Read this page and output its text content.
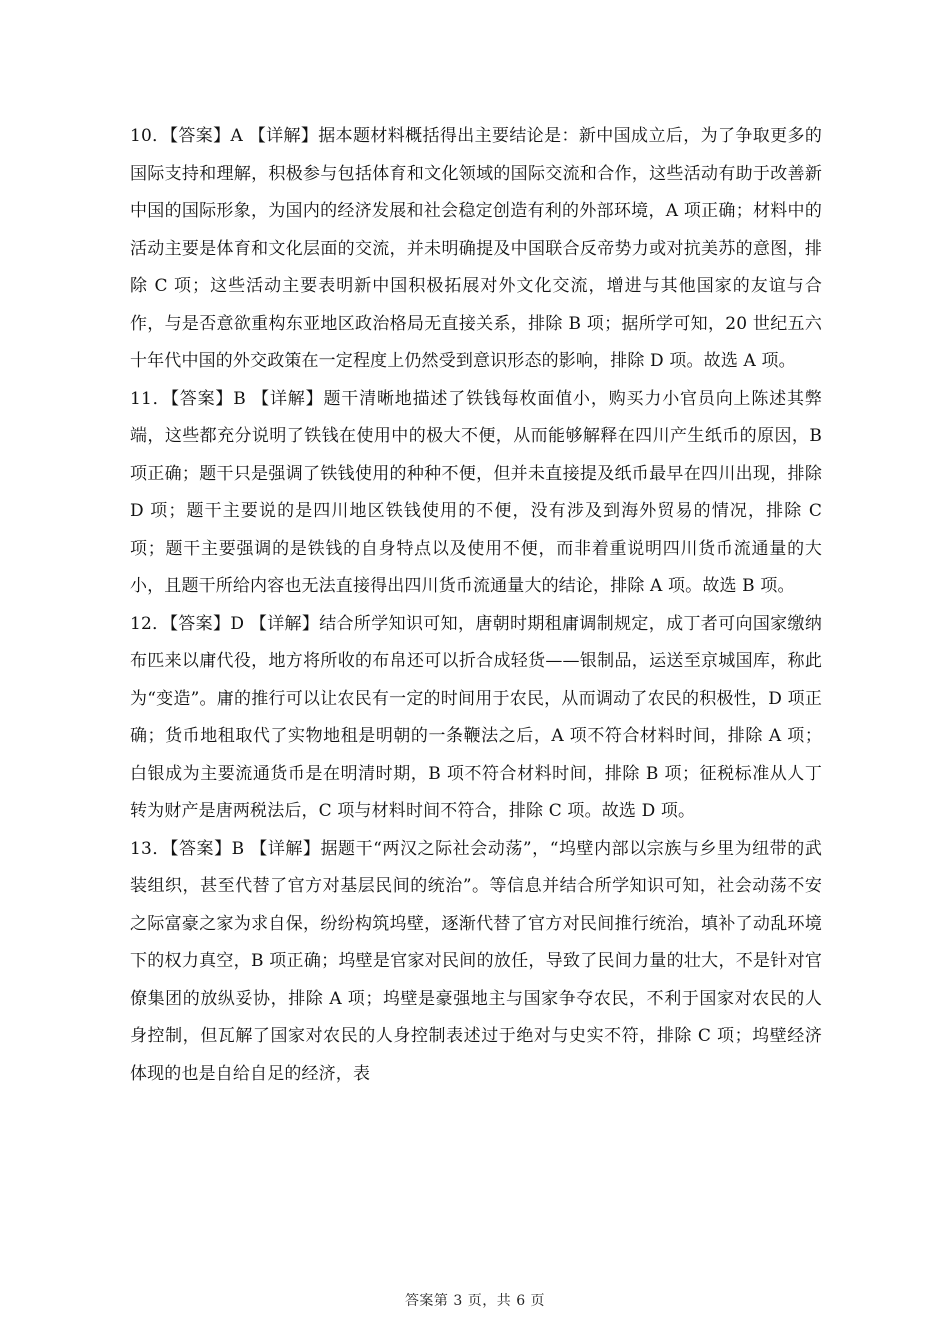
10．【答案】A 【详解】据本题材料概括得出主要结论是：新中国成立后，为了争取更多的国际支持和理解，积极参与包括体育和文化领域的国际交流和合作，这些活动有助于改善新中国的国际形象，为国内的经济发展和社会稳定创造有利的外部环境，A 项正确；材料中的活动主要是体育和文化层面的交流，并未明确提及中国联合反帝势力或对抗美苏的意图，排除 C 项；这些活动主要表明新中国积极拓展对外文化交流，增进与其他国家的友谊与合作，与是否意欲重构东亚地区政治格局无直接关系，排除 B 项；据所学可知，20 世纪五六十年代中国的外交政策在一定程度上仍然受到意识形态的影响，排除 D 项。故选 A 项。

11．【答案】B 【详解】题干清晰地描述了铁钱每枚面值小，购买力小官员向上陈述其弊端，这些都充分说明了铁钱在使用中的极大不便，从而能够解释在四川产生纸币的原因，B 项正确；题干只是强调了铁钱使用的种种不便，但并未直接提及纸币最早在四川出现，排除 D 项；题干主要说的是四川地区铁钱使用的不便，没有涉及到海外贸易的情况，排除 C 项；题干主要强调的是铁钱的自身特点以及使用不便，而非着重说明四川货币流通量的大小，且题干所给内容也无法直接得出四川货币流通量大的结论，排除 A 项。故选 B 项。

12．【答案】D 【详解】结合所学知识可知，唐朝时期租庸调制规定，成丁者可向国家缴纳布匹来以庸代役，地方将所收的布帛还可以折合成轻货——银制品，运送至京城国库，称此为“变造”。庸的推行可以让农民有一定的时间用于农民，从而调动了农民的积极性，D 项正确；货币地租取代了实物地租是明朝的一条鞭法之后，A 项不符合材料时间，排除 A 项；白银成为主要流通货币是在明清时期，B 项不符合材料时间，排除 B 项；征税标准从人丁转为财产是唐两税法后，C 项与材料时间不符合，排除 C 项。故选 D 项。

13．【答案】B 【详解】据题干“两汉之际社会动荡”，“坞壁内部以宗族与乡里为纽带的武装组织，甚至代替了官方对基层民间的统治”。等信息并结合所学知识可知，社会动荡不安之际富豪之家为求自保，纷纷构筑坞壁，逐渐代替了官方对民间推行统治，填补了动乱环境下的权力真空，B 项正确；坞壁是官家对民间的放任，导致了民间力量的壮大，不是针对官僚集团的放纵妥协，排除 A 项；坞壁是豪强地主与国家争夺农民，不利于国家对农民的人身控制，但瓦解了国家对农民的人身控制表述过于绝对与史实不符，排除 C 项；坞壁经济体现的也是自给自足的经济，表

答案第 3 页，共 6 页
